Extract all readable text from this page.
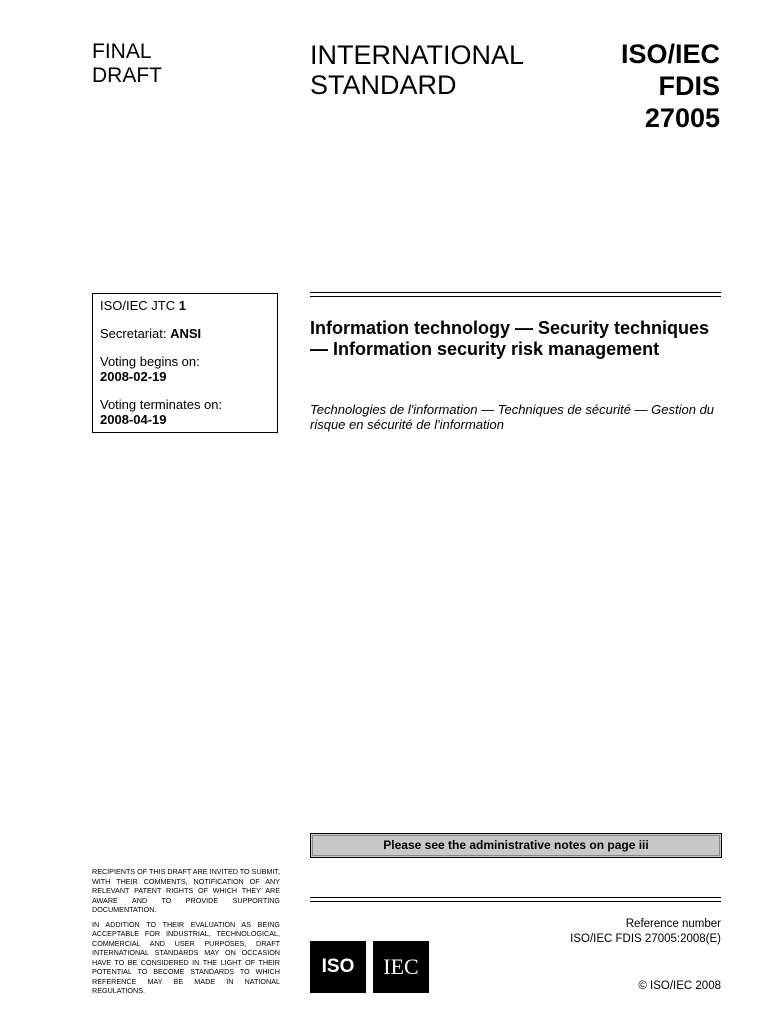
FINAL
DRAFT
INTERNATIONAL
STANDARD
ISO/IEC
FDIS
27005
ISO/IEC JTC 1
Secretariat: ANSI
Voting begins on:
2008-02-19
Voting terminates on:
2008-04-19
Information technology — Security techniques — Information security risk management
Technologies de l'information — Techniques de sécurité — Gestion du risque en sécurité de l'information
Please see the administrative notes on page iii

RECIPIENTS OF THIS DRAFT ARE INVITED TO SUBMIT, WITH THEIR COMMENTS, NOTIFICATION OF ANY RELEVANT PATENT RIGHTS OF WHICH THEY ARE AWARE AND TO PROVIDE SUPPORTING DOCUMENTATION.

IN ADDITION TO THEIR EVALUATION AS BEING ACCEPTABLE FOR INDUSTRIAL, TECHNOLOGICAL, COMMERCIAL AND USER PURPOSES, DRAFT INTERNATIONAL STANDARDS MAY ON OCCASION HAVE TO BE CONSIDERED IN THE LIGHT OF THEIR POTENTIAL TO BECOME STANDARDS TO WHICH REFERENCE MAY BE MADE IN NATIONAL REGULATIONS.

Reference number
ISO/IEC FDIS 27005:2008(E)
ISO IEC
© ISO/IEC 2008
